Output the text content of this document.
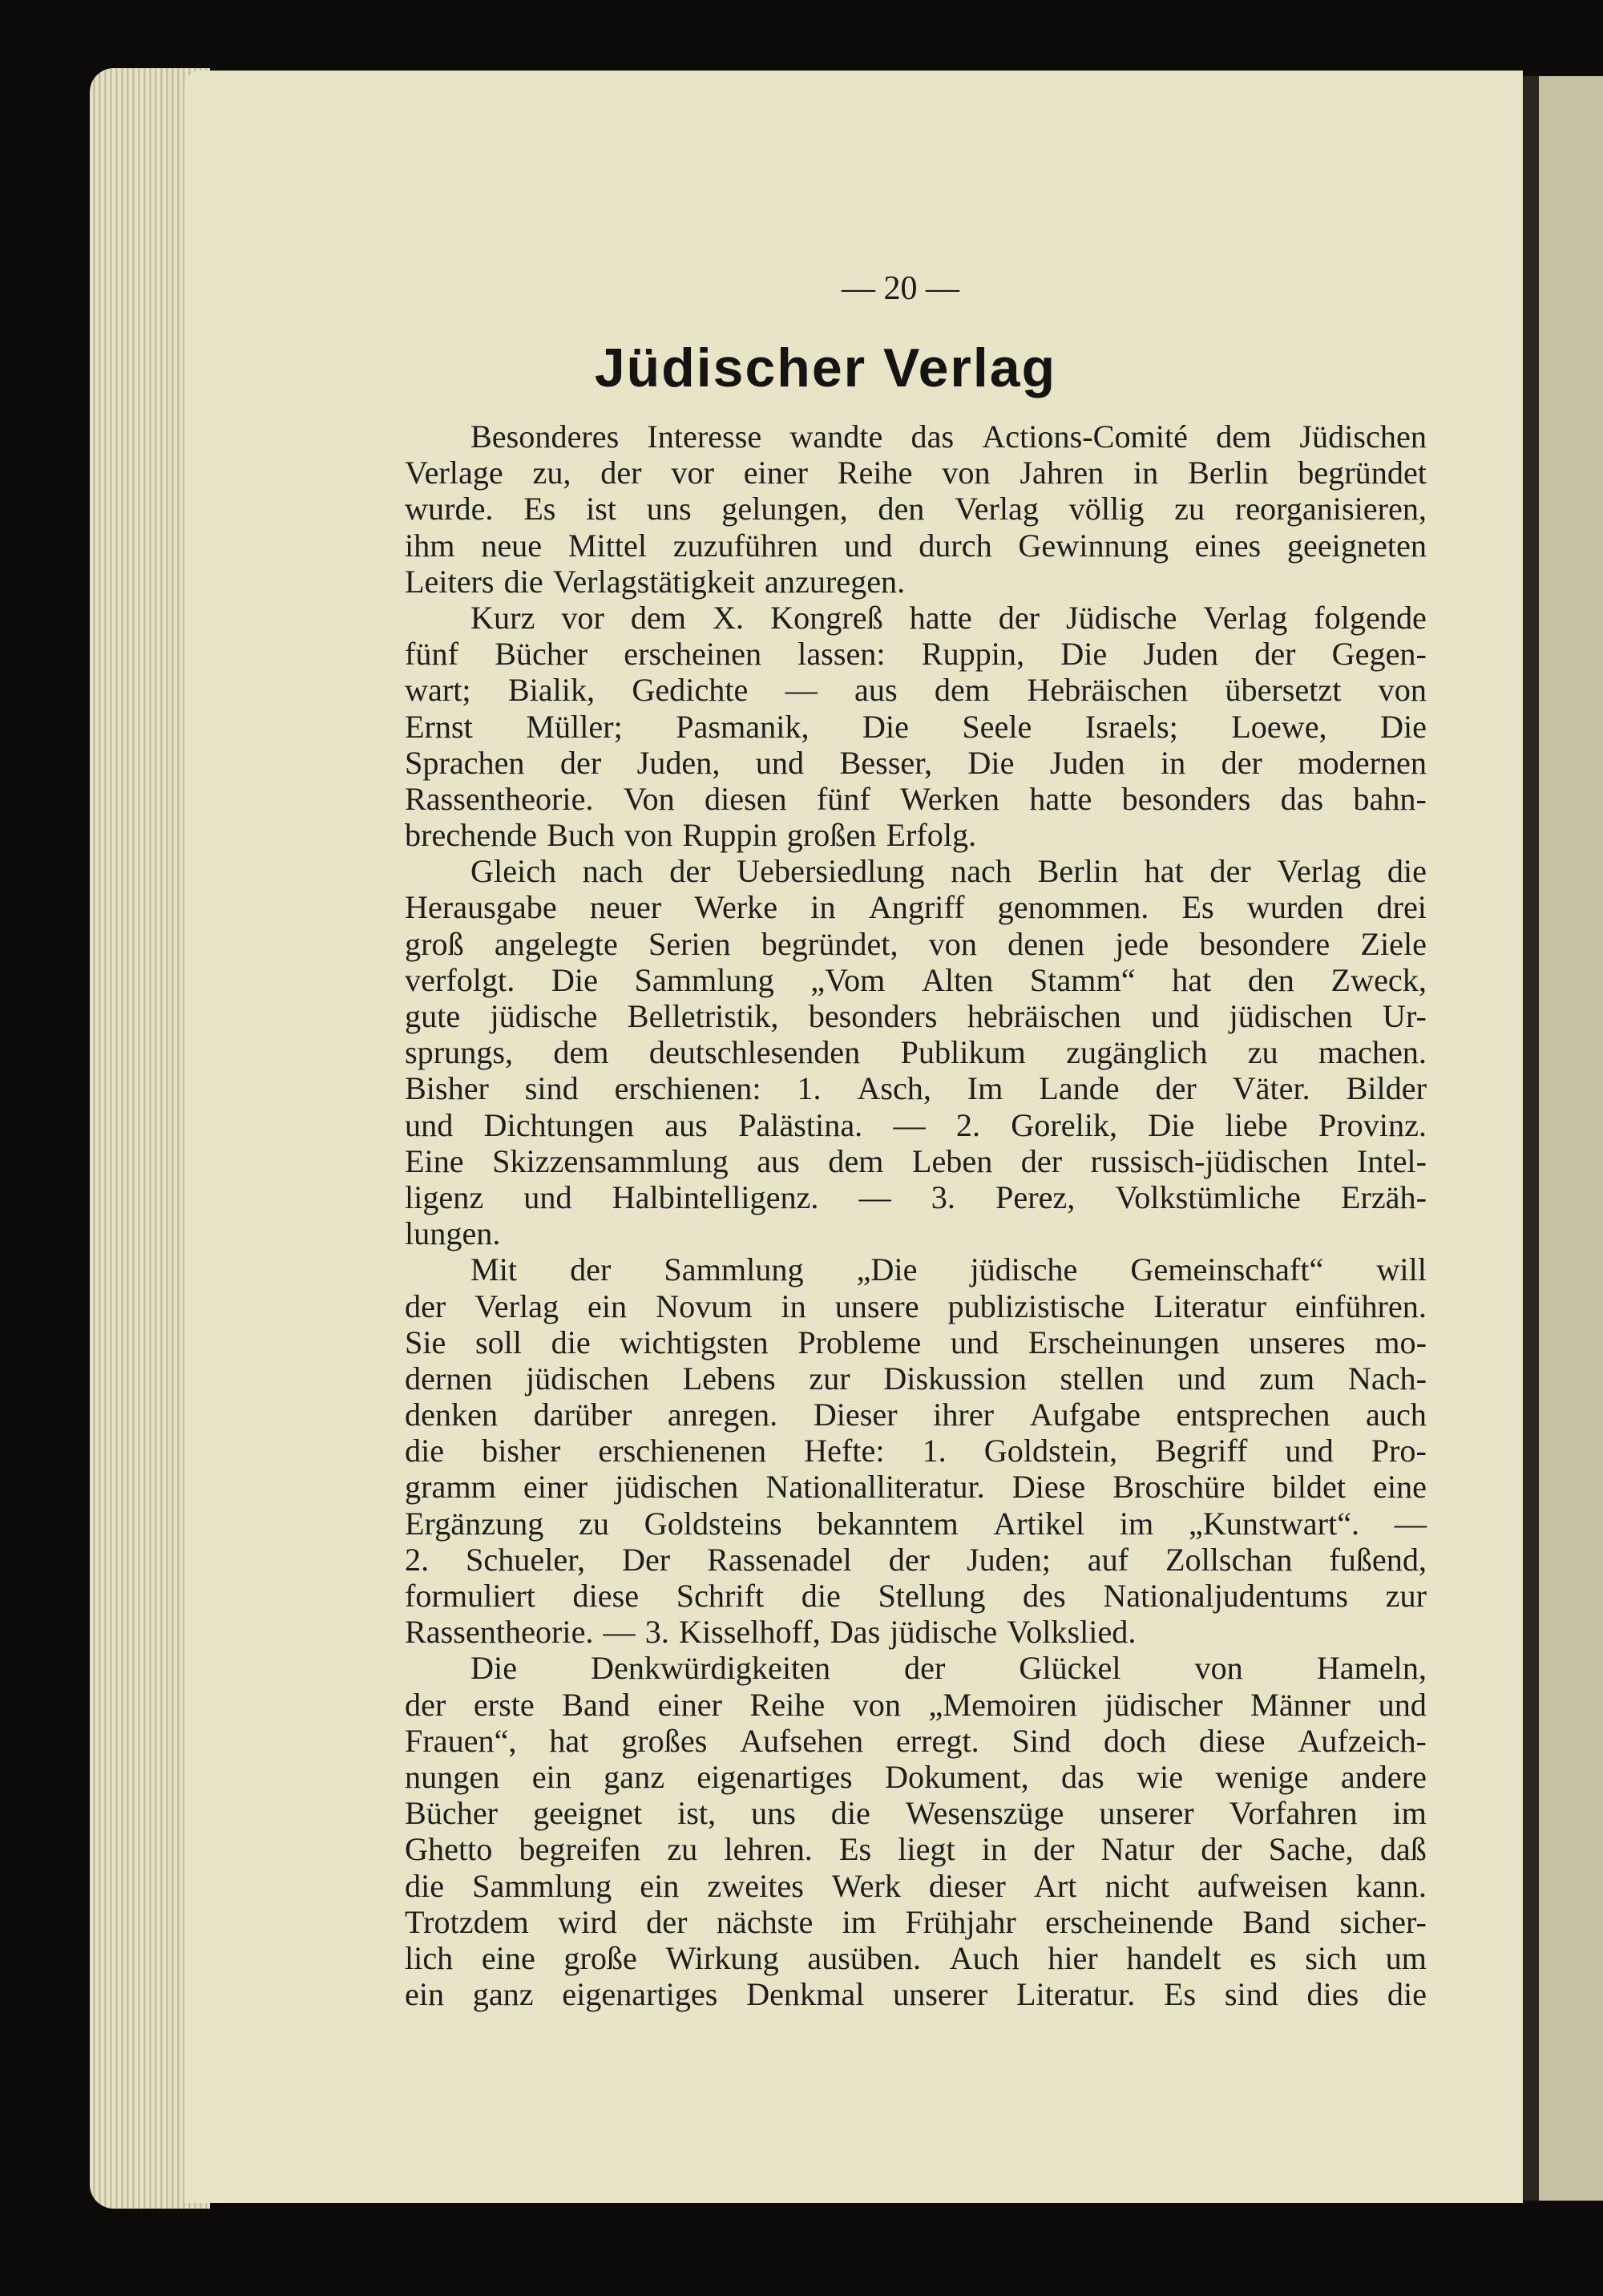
— 20 —
Jüdischer Verlag
Besonderes Interesse wandte das Actions-Comité dem Jüdischen
Verlage zu, der vor einer Reihe von Jahren in Berlin begründet
wurde. Es ist uns gelungen, den Verlag völlig zu reorganisieren,
ihm neue Mittel zuzuführen und durch Gewinnung eines geeigneten
Leiters die Verlagstätigkeit anzuregen.
Kurz vor dem X. Kongreß hatte der Jüdische Verlag folgende
fünf Bücher erscheinen lassen: Ruppin, Die Juden der Gegen-
wart; Bialik, Gedichte — aus dem Hebräischen übersetzt von
Ernst Müller; Pasmanik, Die Seele Israels; Loewe, Die
Sprachen der Juden, und Besser, Die Juden in der modernen
Rassentheorie. Von diesen fünf Werken hatte besonders das bahn-
brechende Buch von Ruppin großen Erfolg.
Gleich nach der Uebersiedlung nach Berlin hat der Verlag die
Herausgabe neuer Werke in Angriff genommen. Es wurden drei
groß angelegte Serien begründet, von denen jede besondere Ziele
verfolgt. Die Sammlung „Vom Alten Stamm“ hat den Zweck,
gute jüdische Belletristik, besonders hebräischen und jüdischen Ur-
sprungs, dem deutschlesenden Publikum zugänglich zu machen.
Bisher sind erschienen: 1. Asch, Im Lande der Väter. Bilder
und Dichtungen aus Palästina. — 2. Gorelik, Die liebe Provinz.
Eine Skizzensammlung aus dem Leben der russisch-jüdischen Intel-
ligenz und Halbintelligenz. — 3. Perez, Volkstümliche Erzäh-
lungen.
Mit der Sammlung „Die jüdische Gemeinschaft“ will
der Verlag ein Novum in unsere publizistische Literatur einführen.
Sie soll die wichtigsten Probleme und Erscheinungen unseres mo-
dernen jüdischen Lebens zur Diskussion stellen und zum Nach-
denken darüber anregen. Dieser ihrer Aufgabe entsprechen auch
die bisher erschienenen Hefte: 1. Goldstein, Begriff und Pro-
gramm einer jüdischen Nationalliteratur. Diese Broschüre bildet eine
Ergänzung zu Goldsteins bekanntem Artikel im „Kunstwart“. —
2. Schueler, Der Rassenadel der Juden; auf Zollschan fußend,
formuliert diese Schrift die Stellung des Nationaljudentums zur
Rassentheorie. — 3. Kisselhoff, Das jüdische Volkslied.
Die Denkwürdigkeiten der Glückel von Hameln,
der erste Band einer Reihe von „Memoiren jüdischer Männer und
Frauen“, hat großes Aufsehen erregt. Sind doch diese Aufzeich-
nungen ein ganz eigenartiges Dokument, das wie wenige andere
Bücher geeignet ist, uns die Wesenszüge unserer Vorfahren im
Ghetto begreifen zu lehren. Es liegt in der Natur der Sache, daß
die Sammlung ein zweites Werk dieser Art nicht aufweisen kann.
Trotzdem wird der nächste im Frühjahr erscheinende Band sicher-
lich eine große Wirkung ausüben. Auch hier handelt es sich um
ein ganz eigenartiges Denkmal unserer Literatur. Es sind dies die
